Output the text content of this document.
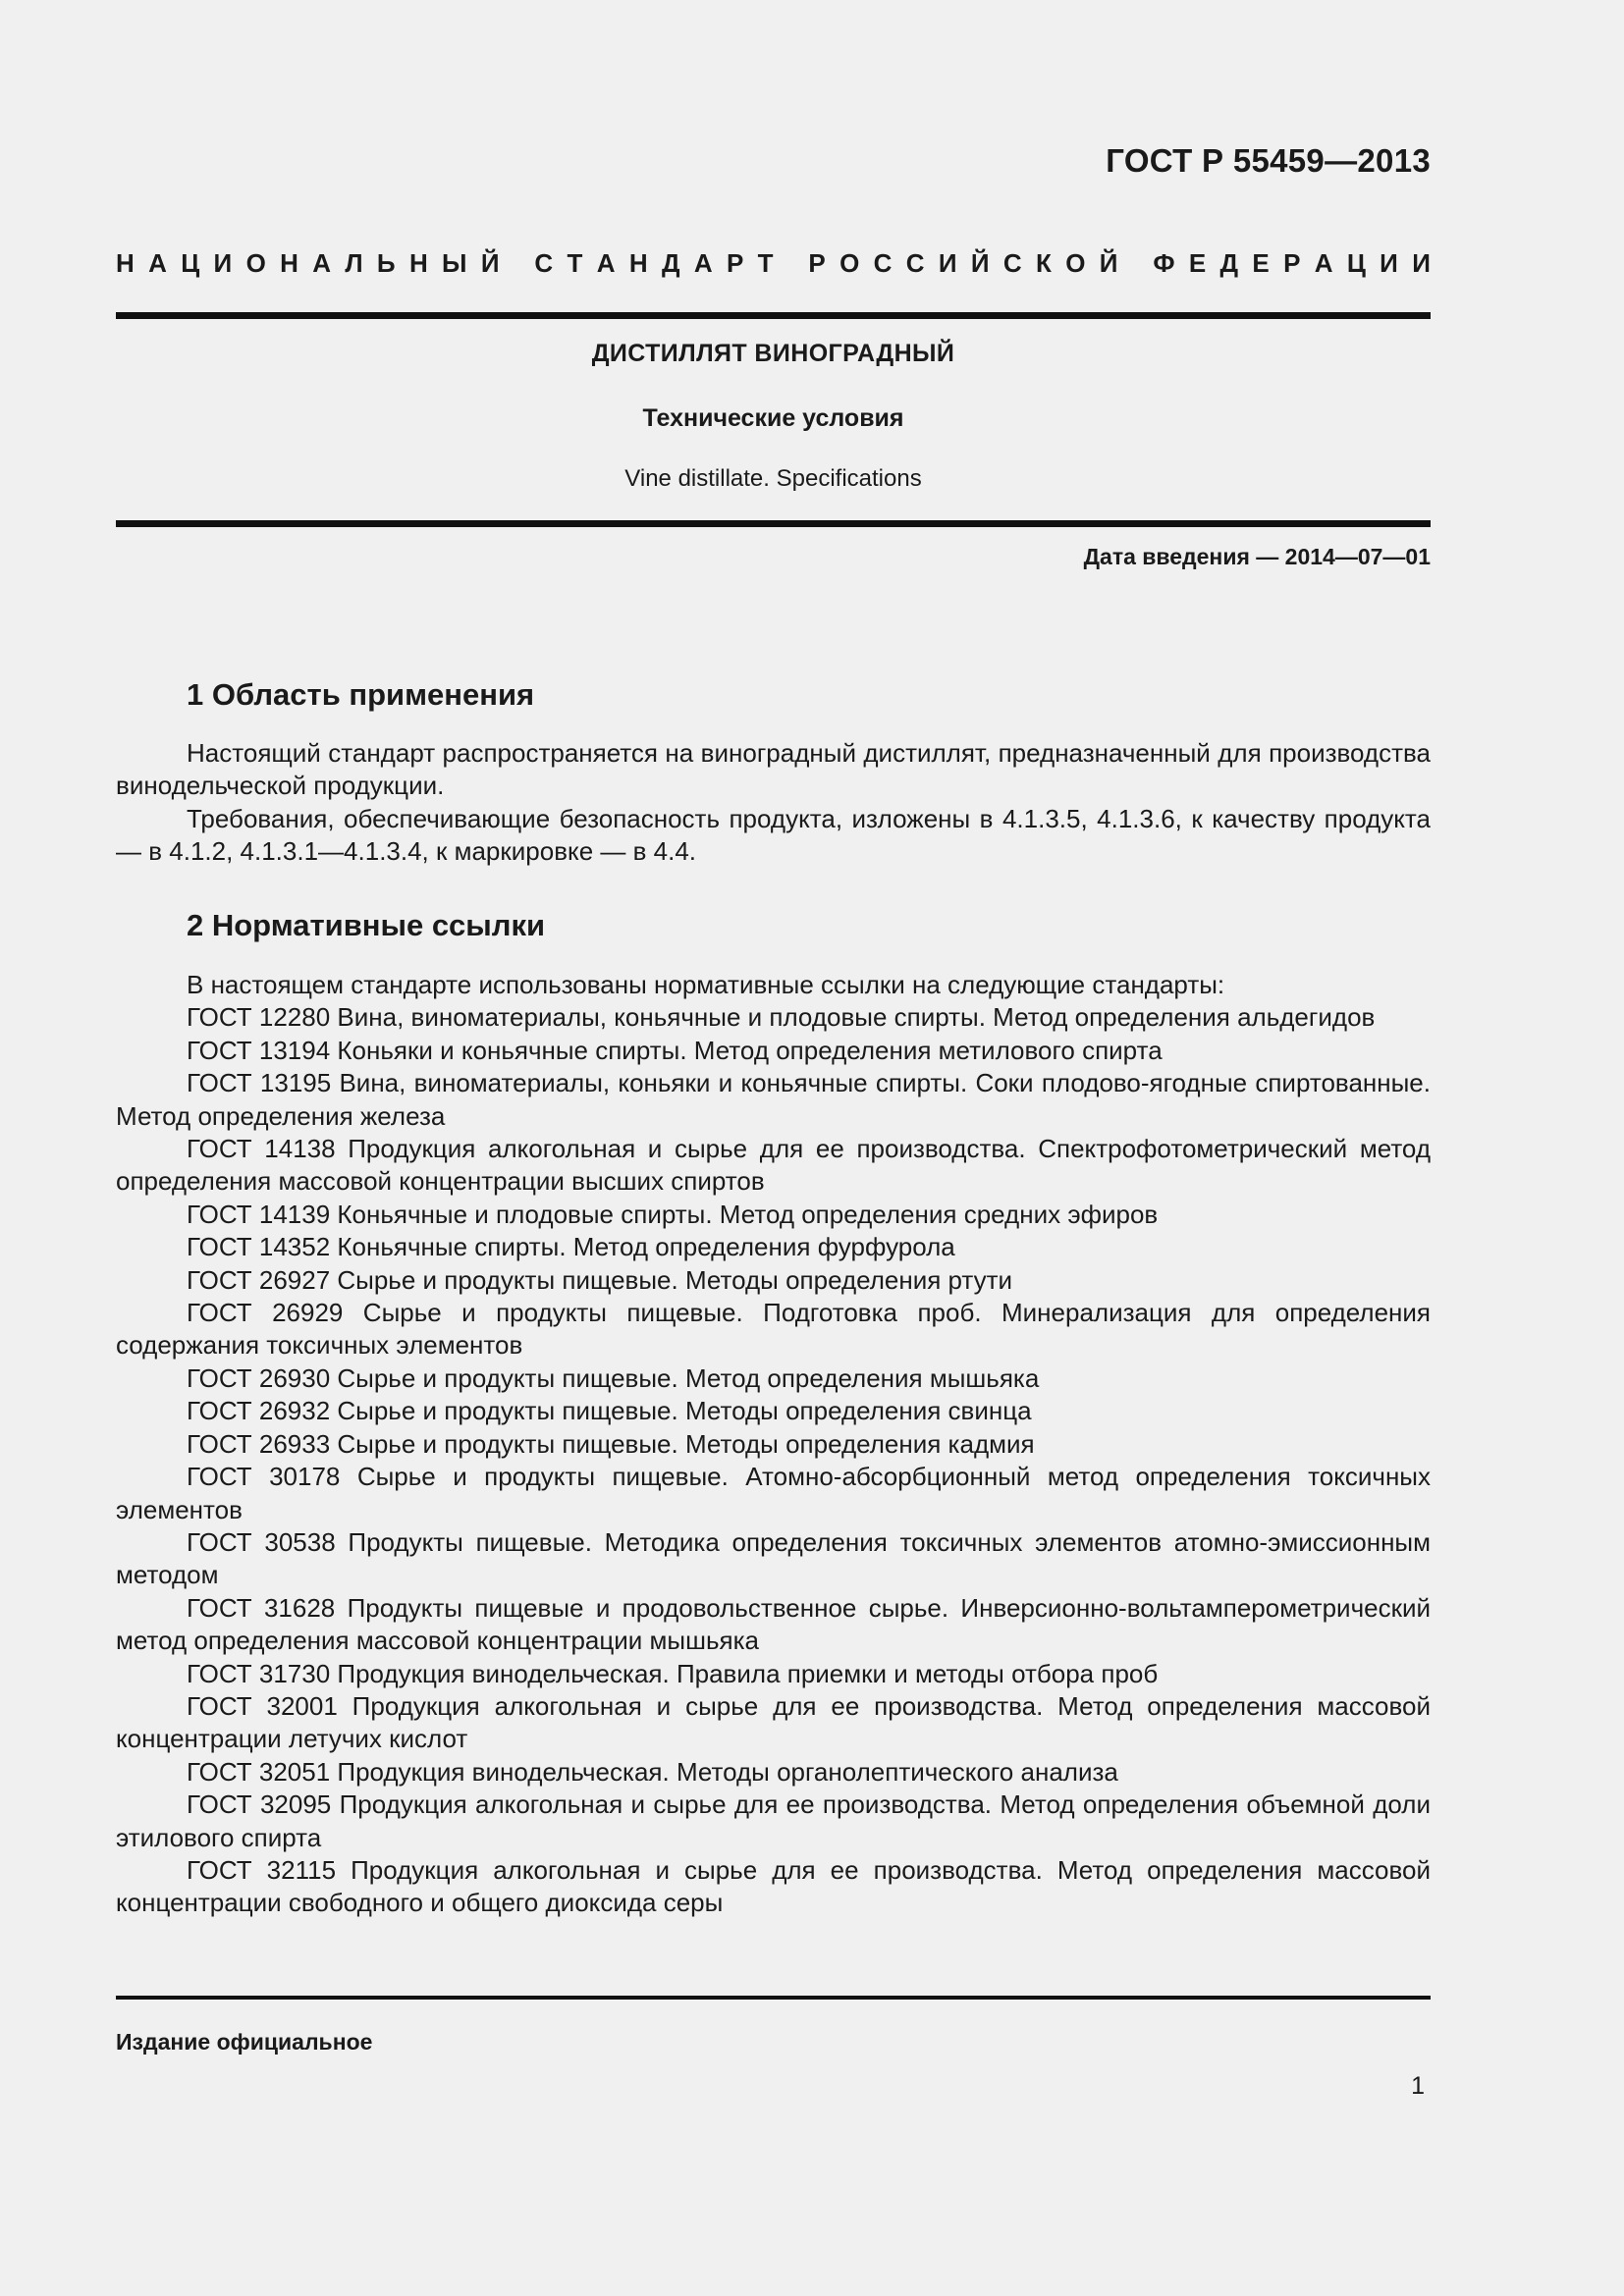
ГОСТ Р 55459—2013
Н А Ц И О Н А Л Ь Н Ы Й
С Т А Н Д А Р Т
Р О С С И Й С К О Й
Ф Е Д Е Р А Ц И И
ДИСТИЛЛЯТ ВИНОГРАДНЫЙ
Технические условия
Vine distillate. Specifications
Дата введения — 2014—07—01
1 Область применения

Настоящий стандарт распространяется на виноградный дистиллят, предназначенный для производства винодельческой продукции.

Требования, обеспечивающие безопасность продукта, изложены в 4.1.3.5, 4.1.3.6, к качеству продукта — в 4.1.2, 4.1.3.1—4.1.3.4, к маркировке — в 4.4.

2 Нормативные ссылки

В настоящем стандарте использованы нормативные ссылки на следующие стандарты:

ГОСТ 12280 Вина, виноматериалы, коньячные и плодовые спирты. Метод определения альдегидов

ГОСТ 13194 Коньяки и коньячные спирты. Метод определения метилового спирта

ГОСТ 13195 Вина, виноматериалы, коньяки и коньячные спирты. Соки плодово-ягодные спиртованные. Метод определения железа

ГОСТ 14138 Продукция алкогольная и сырье для ее производства. Спектрофотометрический метод определения массовой концентрации высших спиртов

ГОСТ 14139 Коньячные и плодовые спирты. Метод определения средних эфиров

ГОСТ 14352 Коньячные спирты. Метод определения фурфурола

ГОСТ 26927 Сырье и продукты пищевые. Методы определения ртути

ГОСТ 26929 Сырье и продукты пищевые. Подготовка проб. Минерализация для определения содержания токсичных элементов

ГОСТ 26930 Сырье и продукты пищевые. Метод определения мышьяка

ГОСТ 26932 Сырье и продукты пищевые. Методы определения свинца

ГОСТ 26933 Сырье и продукты пищевые. Методы определения кадмия

ГОСТ 30178 Сырье и продукты пищевые. Атомно-абсорбционный метод определения токсичных элементов

ГОСТ 30538 Продукты пищевые. Методика определения токсичных элементов атомно-эмиссионным методом

ГОСТ 31628 Продукты пищевые и продовольственное сырье. Инверсионно-вольтамперометрический метод определения массовой концентрации мышьяка

ГОСТ 31730 Продукция винодельческая. Правила приемки и методы отбора проб

ГОСТ 32001 Продукция алкогольная и сырье для ее производства. Метод определения массовой концентрации летучих кислот

ГОСТ 32051 Продукция винодельческая. Методы органолептического анализа

ГОСТ 32095 Продукция алкогольная и сырье для ее производства. Метод определения объемной доли этилового спирта

ГОСТ 32115 Продукция алкогольная и сырье для ее производства. Метод определения массовой концентрации свободного и общего диоксида серы

Издание официальное
1
